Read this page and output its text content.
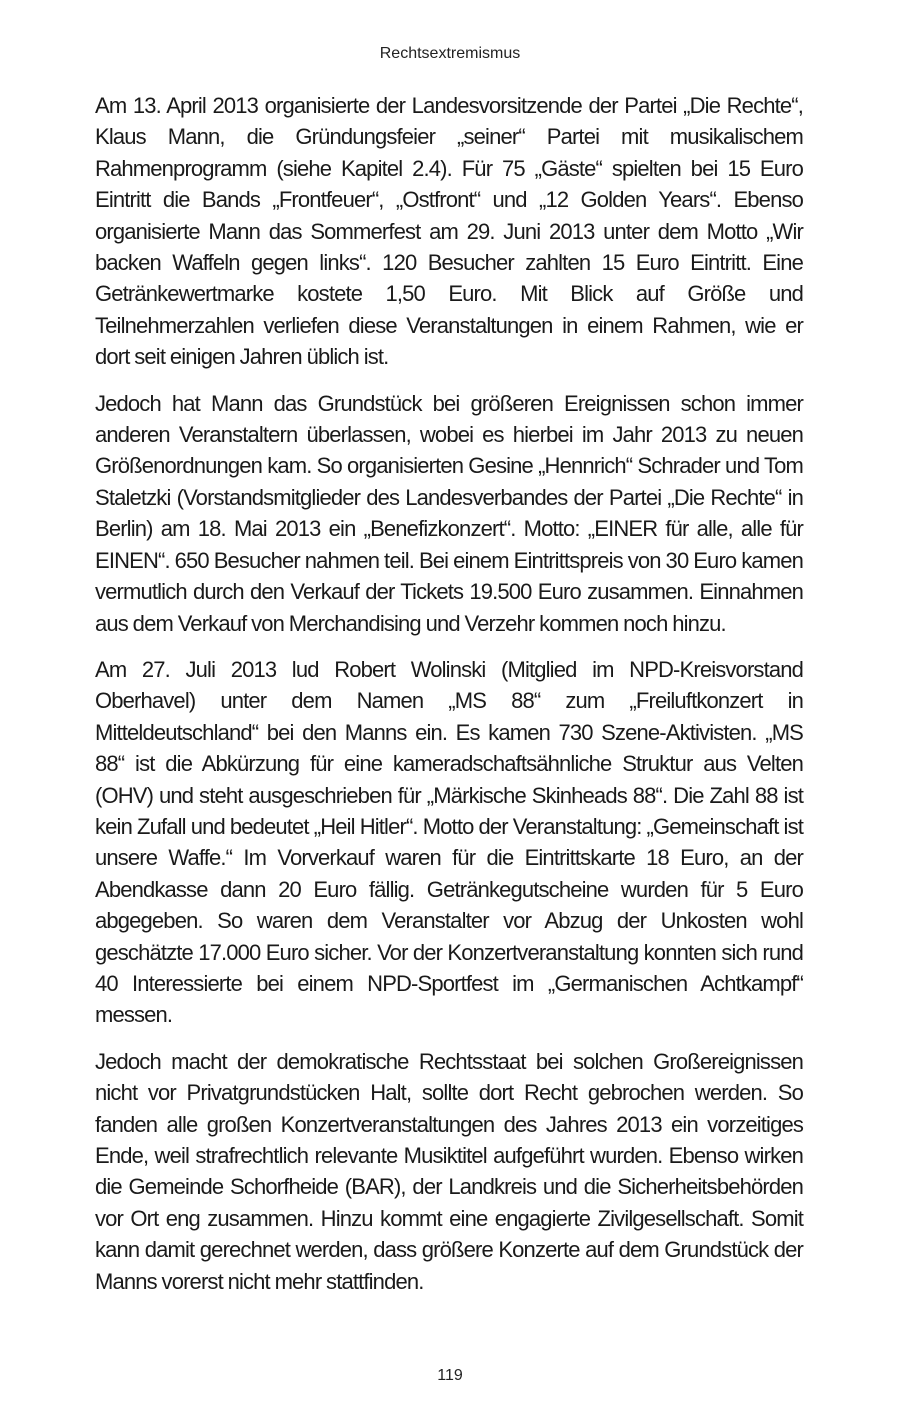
Rechtsextremismus

Am 13. April 2013 organisierte der Landesvorsitzende der Partei „Die Rechte“, Klaus Mann, die Gründungsfeier „seiner“ Partei mit musikalischem Rahmenprogramm (siehe Kapitel 2.4). Für 75 „Gäste“ spielten bei 15 Euro Eintritt die Bands „Frontfeuer“, „Ostfront“ und „12 Golden Years“. Ebenso organisierte Mann das Sommerfest am 29. Juni 2013 unter dem Motto „Wir backen Waffeln gegen links“. 120 Besucher zahlten 15 Euro Eintritt. Eine Getränkewertmarke kostete 1,50 Euro. Mit Blick auf Größe und Teilnehmerzahlen verliefen diese Veranstaltungen in einem Rahmen, wie er dort seit einigen Jahren üblich ist.

Jedoch hat Mann das Grundstück bei größeren Ereignissen schon immer anderen Veranstaltern überlassen, wobei es hierbei im Jahr 2013 zu neuen Größenordnungen kam. So organisierten Gesine „Hennrich“ Schrader und Tom Staletzki (Vorstandsmitglieder des Landesverbandes der Partei „Die Rechte“ in Berlin) am 18. Mai 2013 ein „Benefizkonzert“. Motto: „EINER für alle, alle für EINEN“. 650 Besucher nahmen teil. Bei einem Eintrittspreis von 30 Euro kamen vermutlich durch den Verkauf der Tickets 19.500 Euro zusammen. Einnahmen aus dem Verkauf von Merchandising und Verzehr kommen noch hinzu.

Am 27. Juli 2013 lud Robert Wolinski (Mitglied im NPD-Kreisvorstand Oberhavel) unter dem Namen „MS 88“ zum „Freiluftkonzert in Mitteldeutschland“ bei den Manns ein. Es kamen 730 Szene-Aktivisten. „MS 88“ ist die Abkürzung für eine kameradschaftsähnliche Struktur aus Velten (OHV) und steht ausgeschrieben für „Märkische Skinheads 88“. Die Zahl 88 ist kein Zufall und bedeutet „Heil Hitler“. Motto der Veranstaltung: „Gemeinschaft ist unsere Waffe.“ Im Vorverkauf waren für die Eintrittskarte 18 Euro, an der Abendkasse dann 20 Euro fällig. Getränkegutscheine wurden für 5 Euro abgegeben. So waren dem Veranstalter vor Abzug der Unkosten wohl geschätzte 17.000 Euro sicher. Vor der Konzertveranstaltung konnten sich rund 40 Interessierte bei einem NPD-Sportfest im „Germanischen Achtkampf“ messen.

Jedoch macht der demokratische Rechtsstaat bei solchen Großereignissen nicht vor Privatgrundstücken Halt, sollte dort Recht gebrochen werden. So fanden alle großen Konzertveranstaltungen des Jahres 2013 ein vorzeitiges Ende, weil strafrechtlich relevante Musiktitel aufgeführt wurden. Ebenso wirken die Gemeinde Schorfheide (BAR), der Landkreis und die Sicherheitsbehörden vor Ort eng zusammen. Hinzu kommt eine engagierte Zivilgesellschaft. Somit kann damit gerechnet werden, dass größere Konzerte auf dem Grundstück der Manns vorerst nicht mehr stattfinden.

119
